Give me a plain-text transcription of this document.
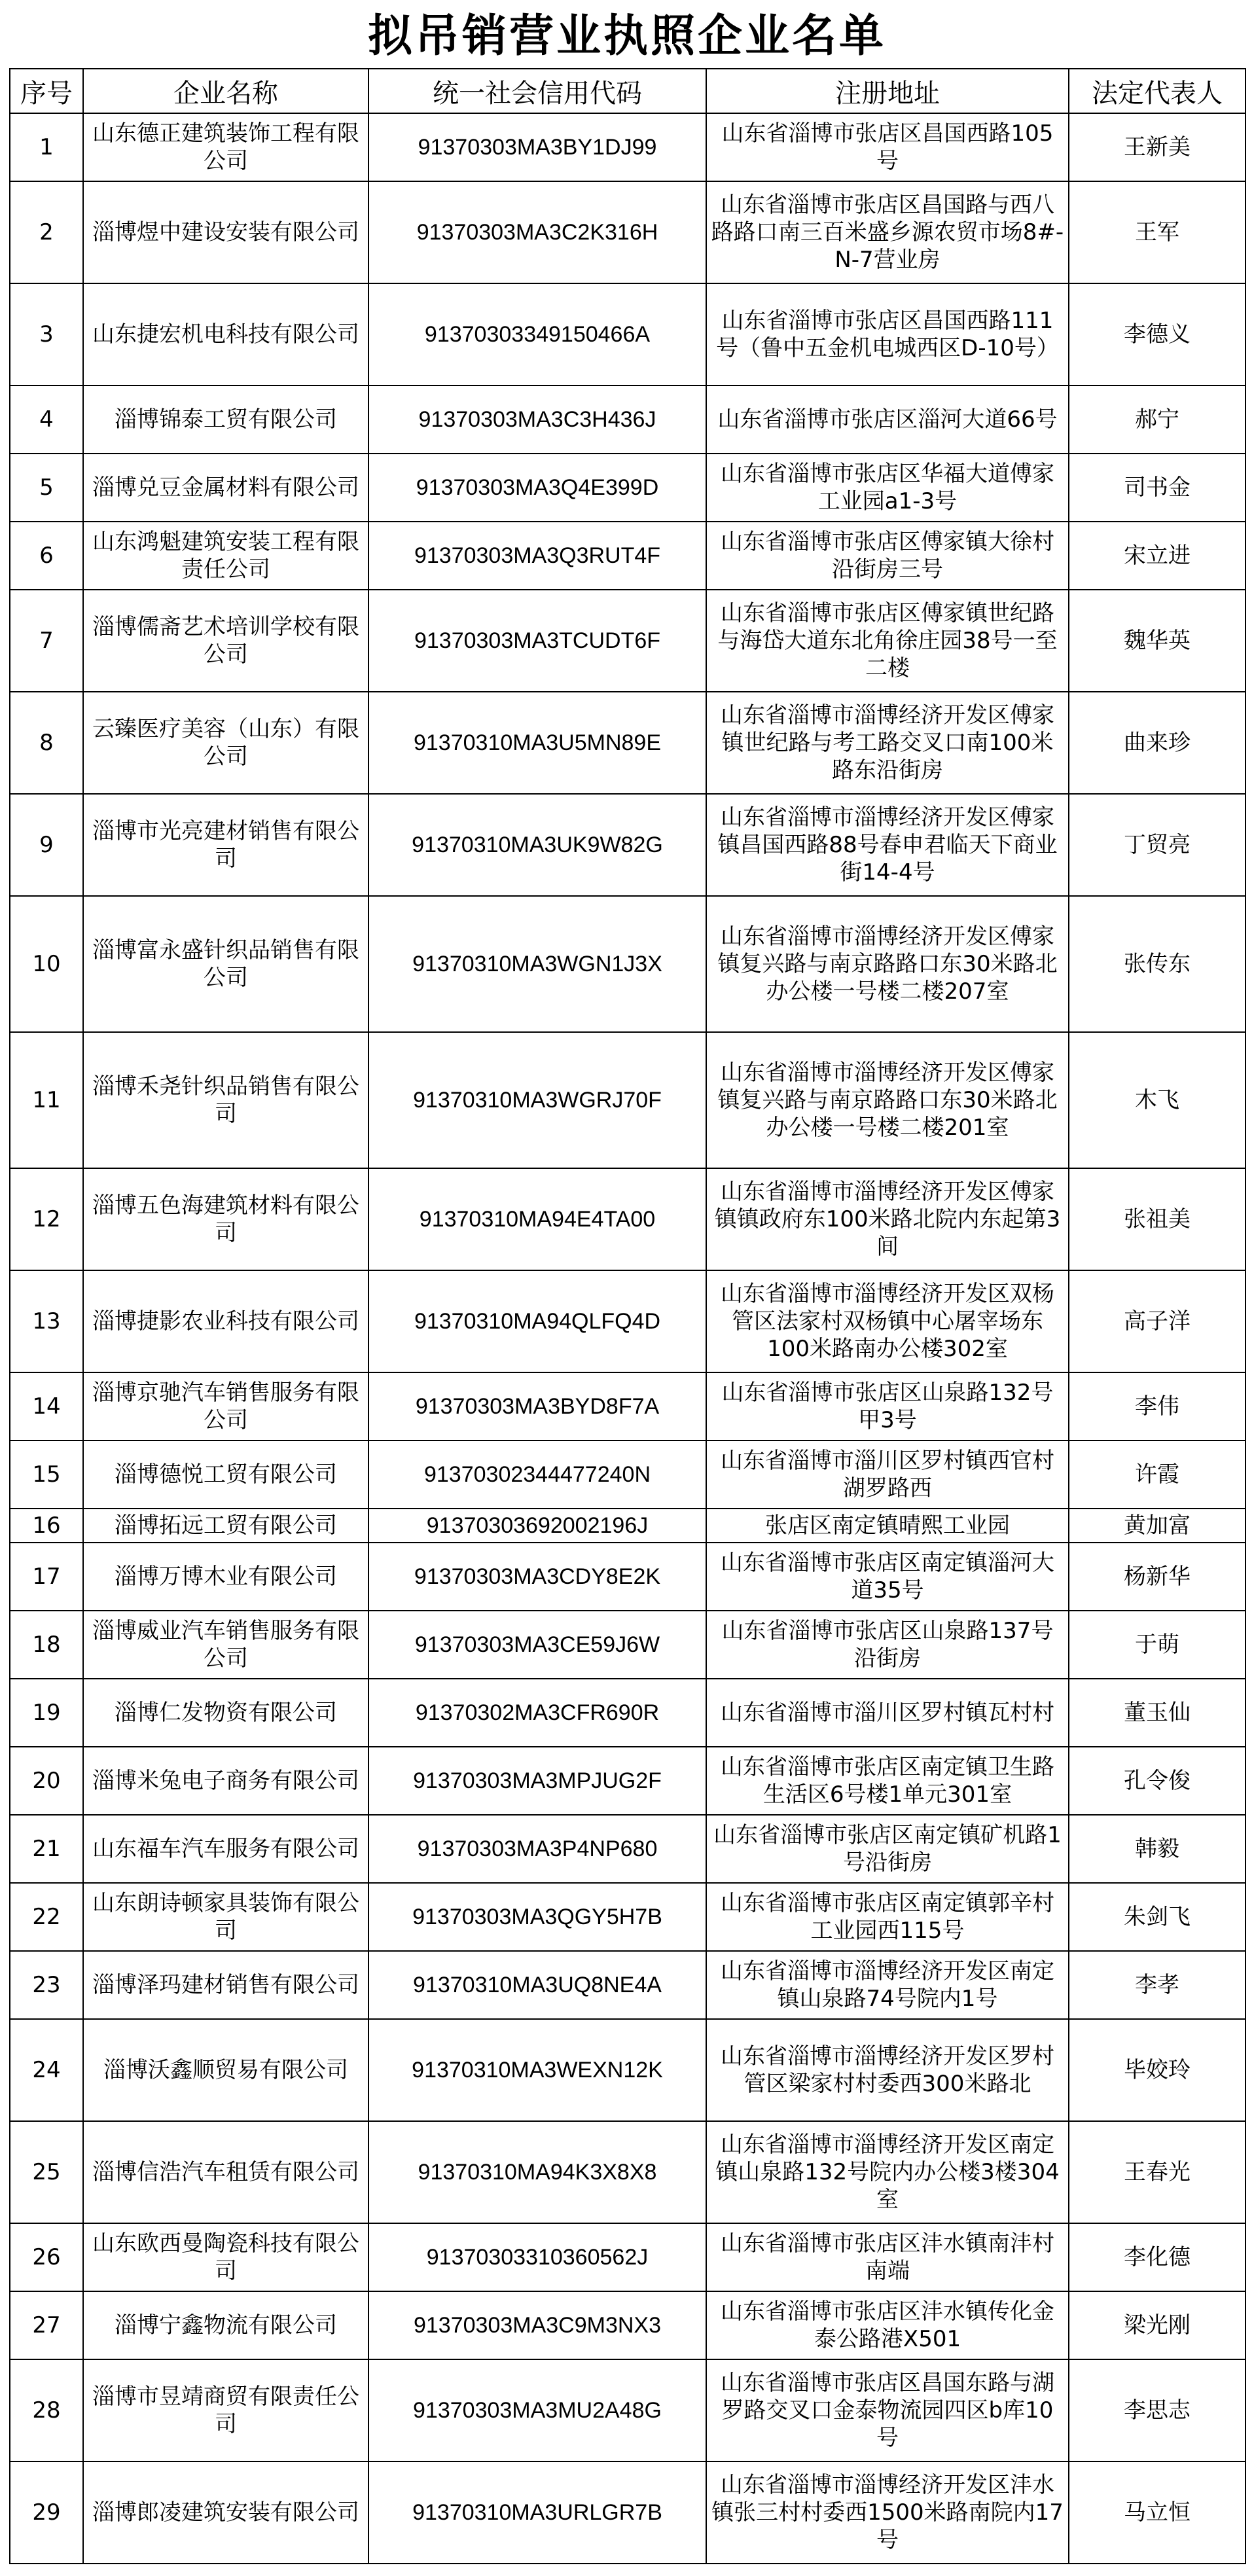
拟吊销营业执照企业名单
序号	企业名称	统一社会信用代码	注册地址	法定代表人
1	山东德正建筑装饰工程有限公司	91370303MA3BY1DJ99	山东省淄博市张店区昌国西路105号	王新美
2	淄博煜中建设安装有限公司	91370303MA3C2K316H	山东省淄博市张店区昌国路与西八路路口南三百米盛乡源农贸市场8#-N-7营业房	王军
3	山东捷宏机电科技有限公司	91370303349150466A	山东省淄博市张店区昌国西路111号（鲁中五金机电城西区D-10号）	李德义
4	淄博锦泰工贸有限公司	91370303MA3C3H436J	山东省淄博市张店区淄河大道66号	郝宁
5	淄博兑豆金属材料有限公司	91370303MA3Q4E399D	山东省淄博市张店区华福大道傅家工业园a1-3号	司书金
6	山东鸿魁建筑安装工程有限责任公司	91370303MA3Q3RUT4F	山东省淄博市张店区傅家镇大徐村沿街房三号	宋立进
7	淄博儒斋艺术培训学校有限公司	91370303MA3TCUDT6F	山东省淄博市张店区傅家镇世纪路与海岱大道东北角徐庄园38号一至二楼	魏华英
8	云臻医疗美容（山东）有限公司	91370310MA3U5MN89E	山东省淄博市淄博经济开发区傅家镇世纪路与考工路交叉口南100米路东沿街房	曲来珍
9	淄博市光亮建材销售有限公司	91370310MA3UK9W82G	山东省淄博市淄博经济开发区傅家镇昌国西路88号春申君临天下商业街14-4号	丁贸亮
10	淄博富永盛针织品销售有限公司	91370310MA3WGN1J3X	山东省淄博市淄博经济开发区傅家镇复兴路与南京路路口东30米路北办公楼一号楼二楼207室	张传东
11	淄博禾尧针织品销售有限公司	91370310MA3WGRJ70F	山东省淄博市淄博经济开发区傅家镇复兴路与南京路路口东30米路北办公楼一号楼二楼201室	木飞
12	淄博五色海建筑材料有限公司	91370310MA94E4TA00	山东省淄博市淄博经济开发区傅家镇镇政府东100米路北院内东起第3间	张祖美
13	淄博捷影农业科技有限公司	91370310MA94QLFQ4D	山东省淄博市淄博经济开发区双杨管区法家村双杨镇中心屠宰场东100米路南办公楼302室	高子洋
14	淄博京驰汽车销售服务有限公司	91370303MA3BYD8F7A	山东省淄博市张店区山泉路132号甲3号	李伟
15	淄博德悦工贸有限公司	91370302344477240N	山东省淄博市淄川区罗村镇西官村湖罗路西	许霞
16	淄博拓远工贸有限公司	91370303692002196J	张店区南定镇晴熙工业园	黄加富
17	淄博万博木业有限公司	91370303MA3CDY8E2K	山东省淄博市张店区南定镇淄河大道35号	杨新华
18	淄博威业汽车销售服务有限公司	91370303MA3CE59J6W	山东省淄博市张店区山泉路137号沿街房	于萌
19	淄博仁发物资有限公司	91370302MA3CFR690R	山东省淄博市淄川区罗村镇瓦村村	董玉仙
20	淄博米兔电子商务有限公司	91370303MA3MPJUG2F	山东省淄博市张店区南定镇卫生路生活区6号楼1单元301室	孔令俊
21	山东福车汽车服务有限公司	91370303MA3P4NP680	山东省淄博市张店区南定镇矿机路1号沿街房	韩毅
22	山东朗诗顿家具装饰有限公司	91370303MA3QGY5H7B	山东省淄博市张店区南定镇郭辛村工业园西115号	朱剑飞
23	淄博泽玛建材销售有限公司	91370310MA3UQ8NE4A	山东省淄博市淄博经济开发区南定镇山泉路74号院内1号	李孝
24	淄博沃鑫顺贸易有限公司	91370310MA3WEXN12K	山东省淄博市淄博经济开发区罗村管区梁家村村委西300米路北	毕姣玲
25	淄博信浩汽车租赁有限公司	91370310MA94K3X8X8	山东省淄博市淄博经济开发区南定镇山泉路132号院内办公楼3楼304室	王春光
26	山东欧西曼陶瓷科技有限公司	91370303310360562J	山东省淄博市张店区沣水镇南沣村南端	李化德
27	淄博宁鑫物流有限公司	91370303MA3C9M3NX3	山东省淄博市张店区沣水镇传化金泰公路港X501	梁光刚
28	淄博市昱靖商贸有限责任公司	91370303MA3MU2A48G	山东省淄博市张店区昌国东路与湖罗路交叉口金泰物流园四区b库10号	李思志
29	淄博郎凌建筑安装有限公司	91370310MA3URLGR7B	山东省淄博市淄博经济开发区沣水镇张三村村委西1500米路南院内17号	马立恒
